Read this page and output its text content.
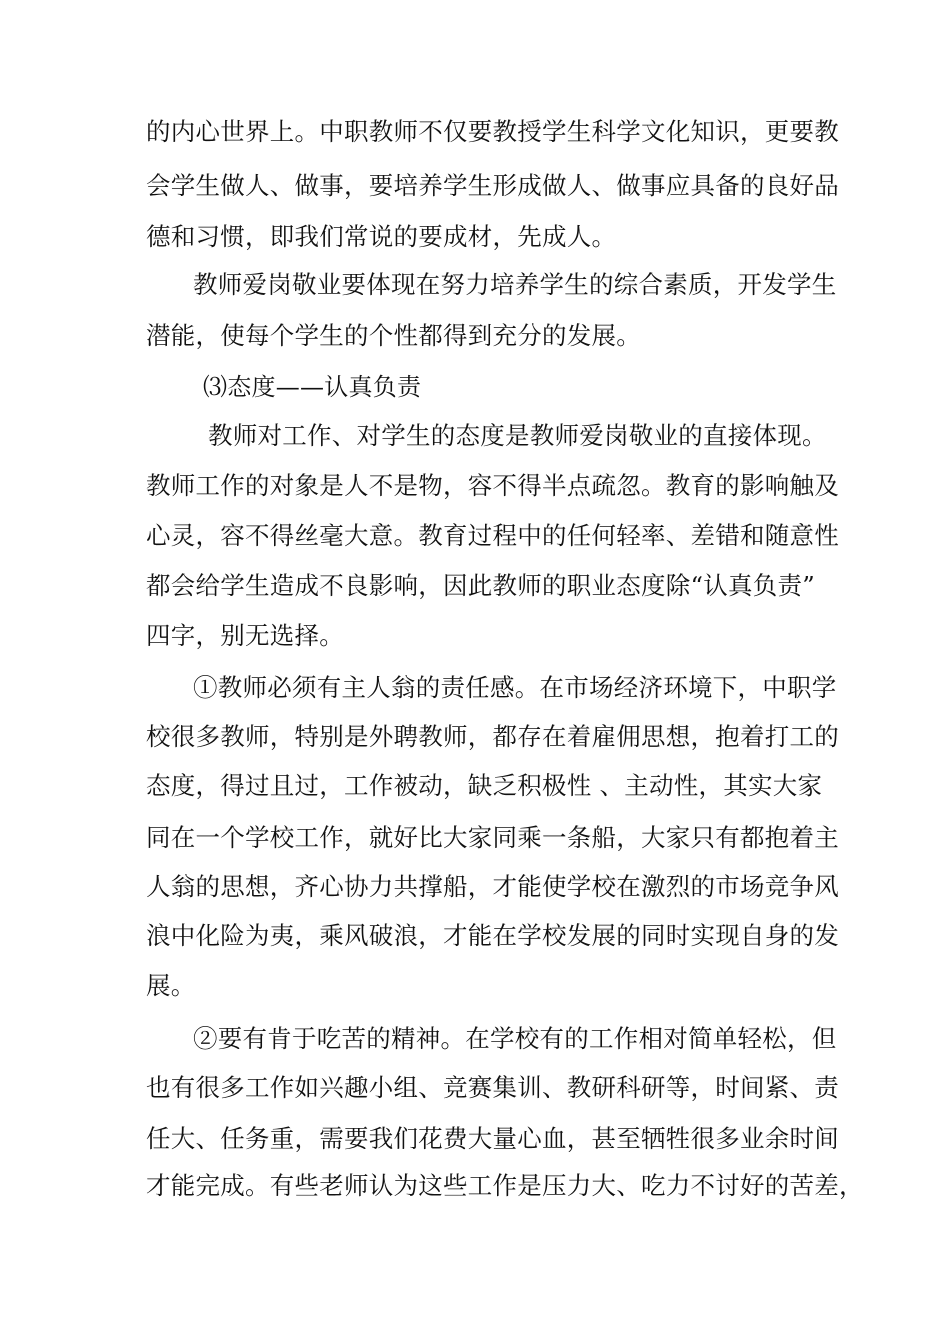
的内心世界上。中职教师不仅要教授学生科学文化知识，更要教
会学生做人、做事，要培养学生形成做人、做事应具备的良好品
德和习惯，即我们常说的要成材，先成人。
教师爱岗敬业要体现在努力培养学生的综合素质，开发学生
潜能，使每个学生的个性都得到充分的发展。
⑶态度——认真负责
教师对工作、对学生的态度是教师爱岗敬业的直接体现。
教师工作的对象是人不是物，容不得半点疏忽。教育的影响触及
心灵，容不得丝毫大意。教育过程中的任何轻率、差错和随意性
都会给学生造成不良影响，因此教师的职业态度除“认真负责”
四字，别无选择。
①教师必须有主人翁的责任感。在市场经济环境下，中职学
校很多教师，特别是外聘教师，都存在着雇佣思想，抱着打工的
态度，得过且过，工作被动，缺乏积极性 、主动性，其实大家
同在一个学校工作，就好比大家同乘一条船，大家只有都抱着主
人翁的思想，齐心协力共撑船，才能使学校在激烈的市场竞争风
浪中化险为夷，乘风破浪，才能在学校发展的同时实现自身的发
展。
②要有肯于吃苦的精神。在学校有的工作相对简单轻松，但
也有很多工作如兴趣小组、竞赛集训、教研科研等，时间紧、责
任大、任务重，需要我们花费大量心血，甚至牺牲很多业余时间
才能完成。有些老师认为这些工作是压力大、吃力不讨好的苦差，
